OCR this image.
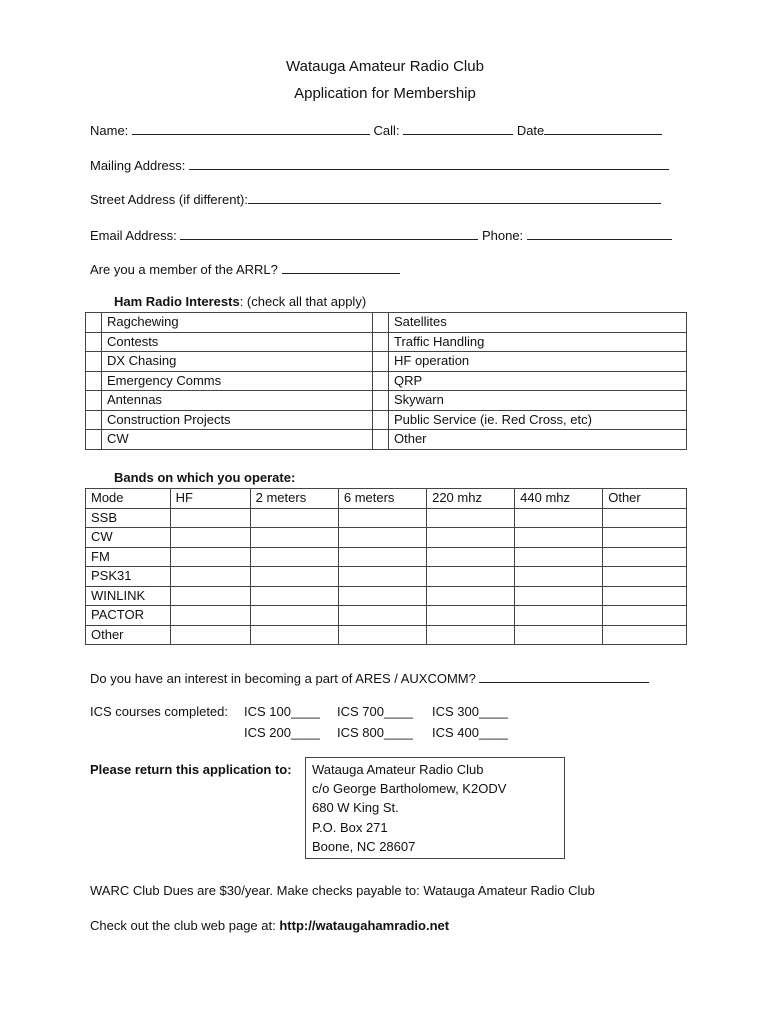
Watauga Amateur Radio Club
Application for Membership
Name:	Call:	Date
Mailing Address:
Street Address (if different):
Email Address:	Phone:
Are you a member of the ARRL?
Ham Radio Interests: (check all that apply)
	Ragchewing		Satellites
	Contests		Traffic Handling
	DX Chasing		HF operation
	Emergency Comms		QRP
	Antennas		Skywarn
	Construction Projects		Public Service (ie. Red Cross, etc)
	CW		Other
Bands on which you operate:
Mode	HF	2 meters	6 meters	220 mhz	440 mhz	Other
SSB						
CW						
FM						
PSK31						
WINLINK						
PACTOR						
Other						
Do you have an interest in becoming a part of ARES / AUXCOMM?
ICS courses completed: ICS 100____ ICS 700____ ICS 300____
ICS 200____ ICS 800____ ICS 400____
Please return this application to: Watauga Amateur Radio Club
c/o George Bartholomew, K2ODV
680 W King St.
P.O. Box 271
Boone, NC 28607
WARC Club Dues are $30/year. Make checks payable to: Watauga Amateur Radio Club
Check out the club web page at: http://wataugahamradio.net
